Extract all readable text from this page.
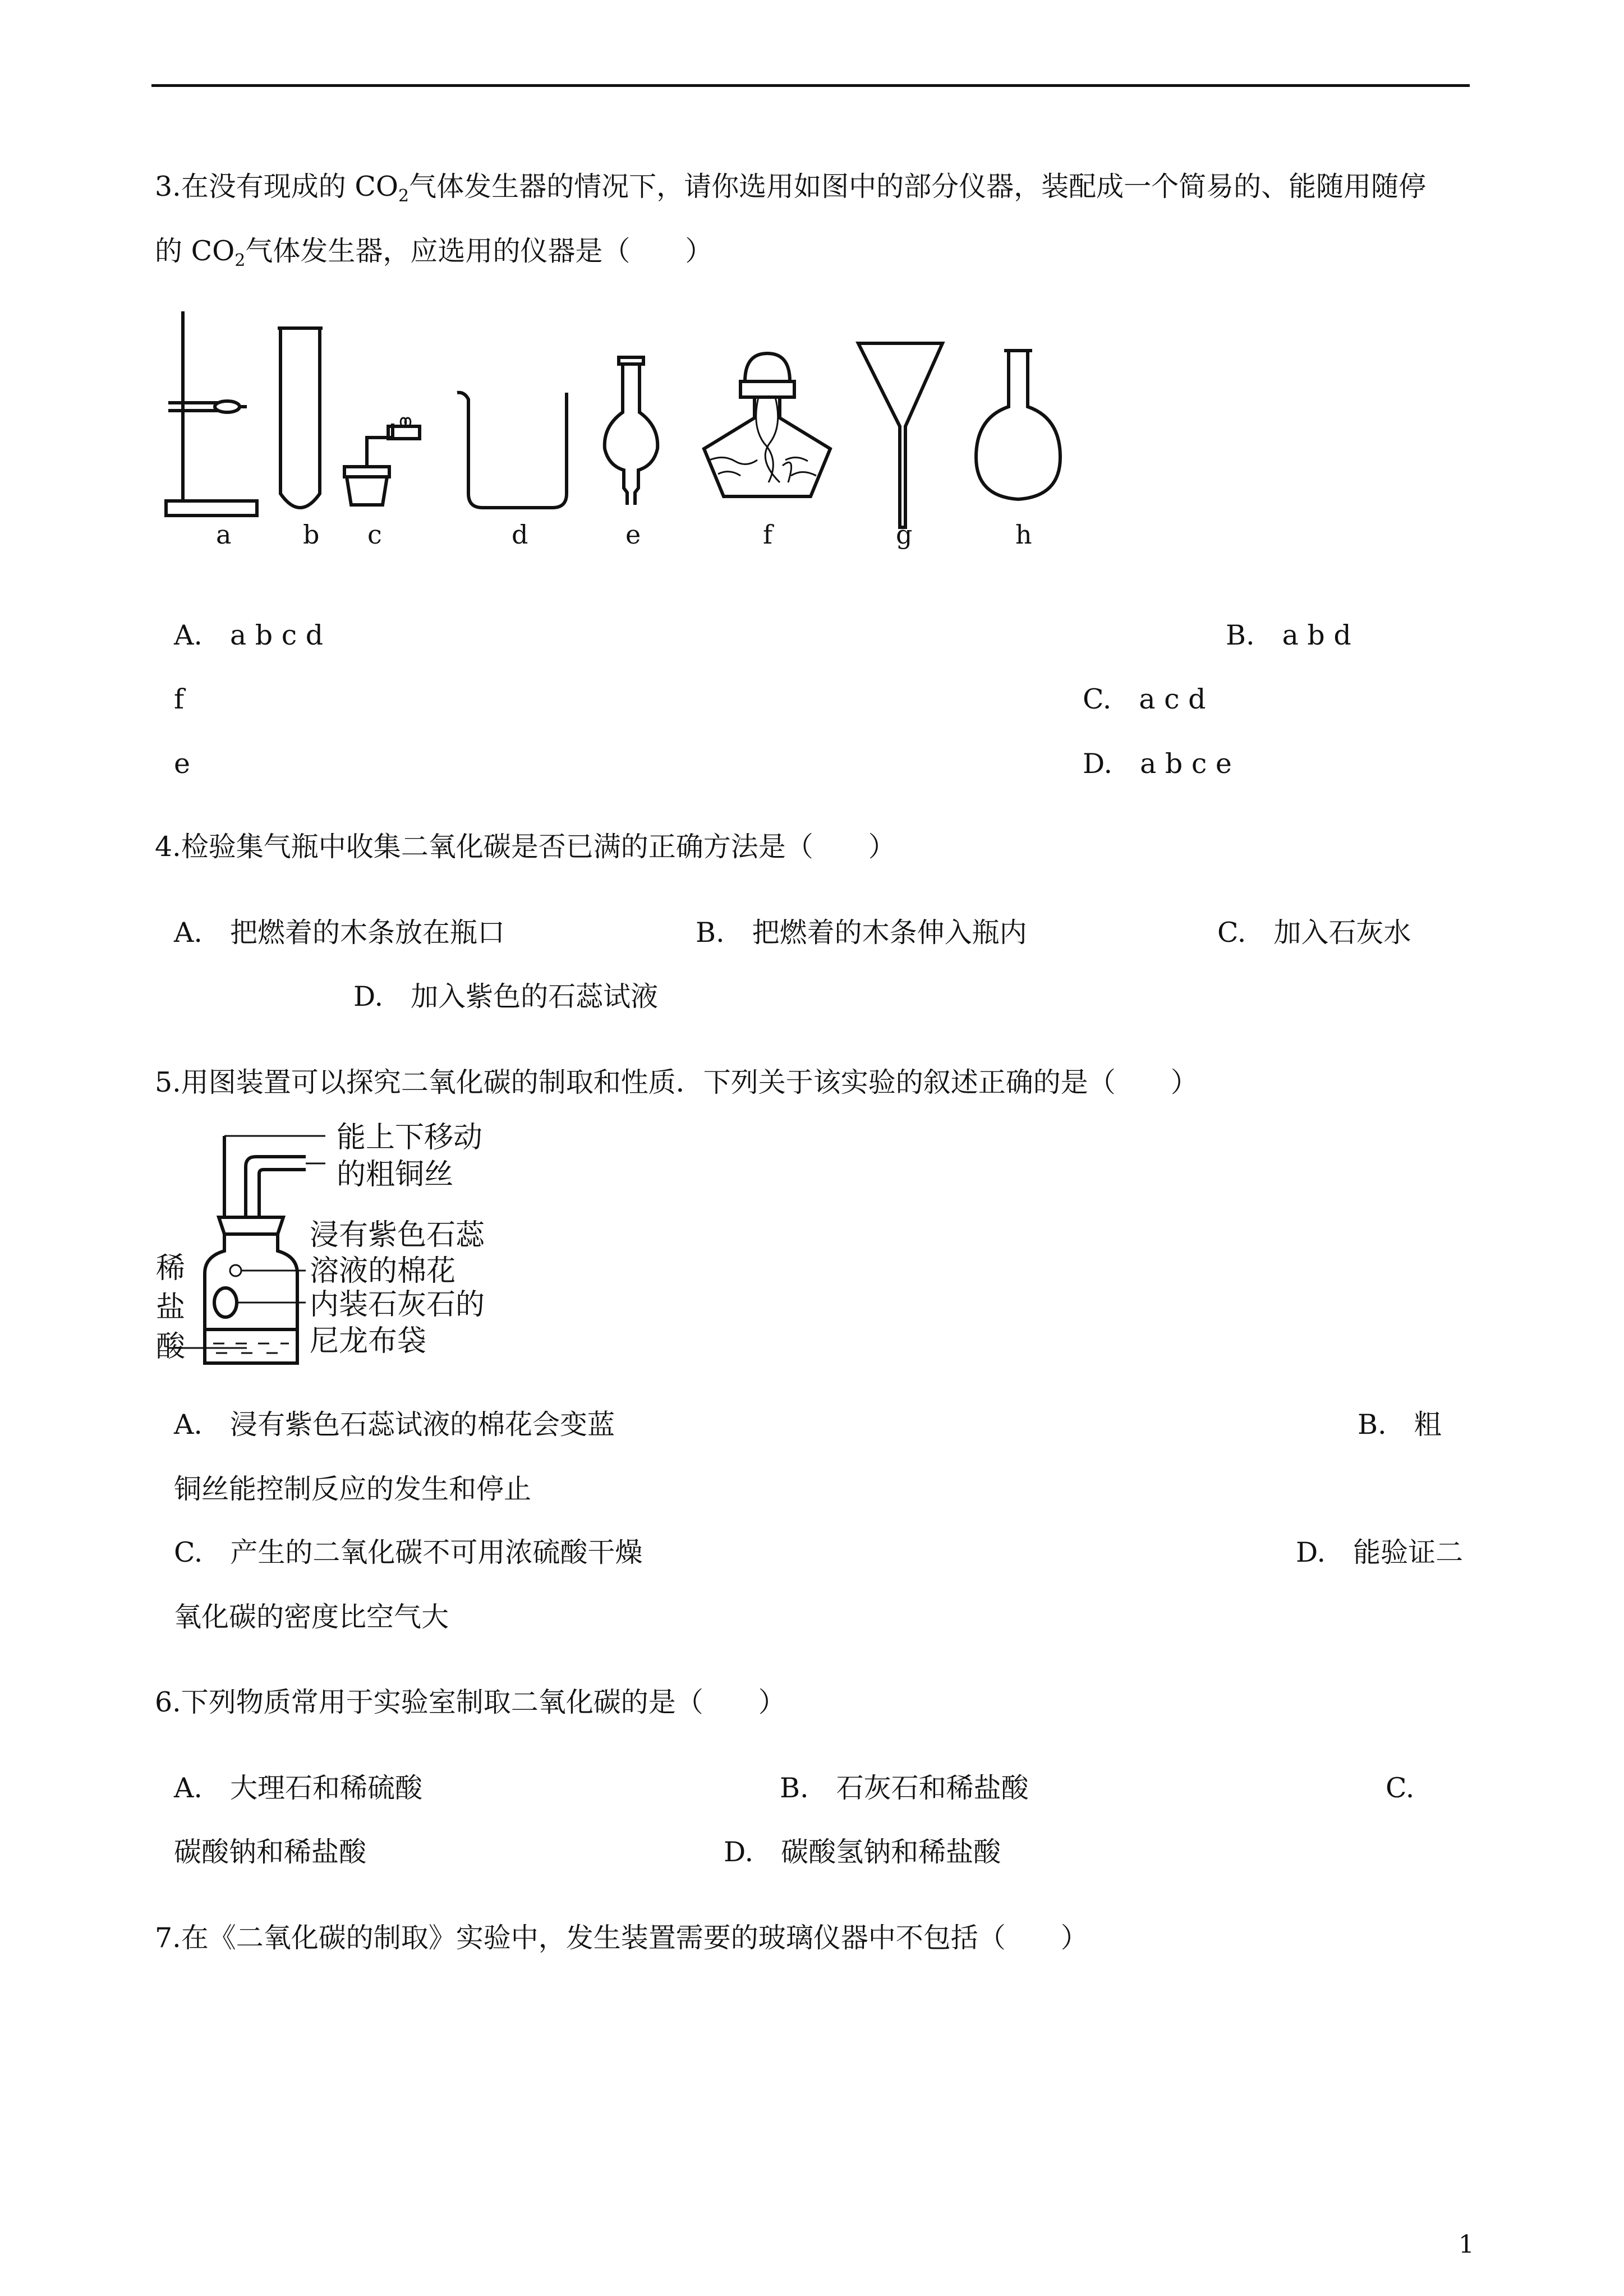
3.在没有现成的 $CO_2$气体发生器的情况下，请你选用如图中的部分仪器，装配成一个简易的、能随用随停
的 $CO_2$气体发生器，应选用的仪器是（　　）
a	b c	d	e	f	g	h
A.　a b c d	B.　a b d
f	C.　a c d
e	D.　a b c e
4.检验集气瓶中收集二氧化碳是否已满的正确方法是（　　）
A.　把燃着的木条放在瓶口	B.　把燃着的木条伸入瓶内	C.　加入石灰水
D.　加入紫色的石蕊试液
5.用图装置可以探究二氧化碳的制取和性质．下列关于该实验的叙述正确的是（　　）
能上下移动
的粗铜丝
浸有紫色石蕊
溶液的棉花
内装石灰石的
尼龙布袋
稀
盐
酸
A.　浸有紫色石蕊试液的棉花会变蓝	B.　粗
铜丝能控制反应的发生和停止
C.　产生的二氧化碳不可用浓硫酸干燥	D.　能验证二
氧化碳的密度比空气大
6.下列物质常用于实验室制取二氧化碳的是（　　）
A.　大理石和稀硫酸	B.　石灰石和稀盐酸	C.
碳酸钠和稀盐酸	D.　碳酸氢钠和稀盐酸
7.在《二氧化碳的制取》实验中，发生装置需要的玻璃仪器中不包括（　　）
1
